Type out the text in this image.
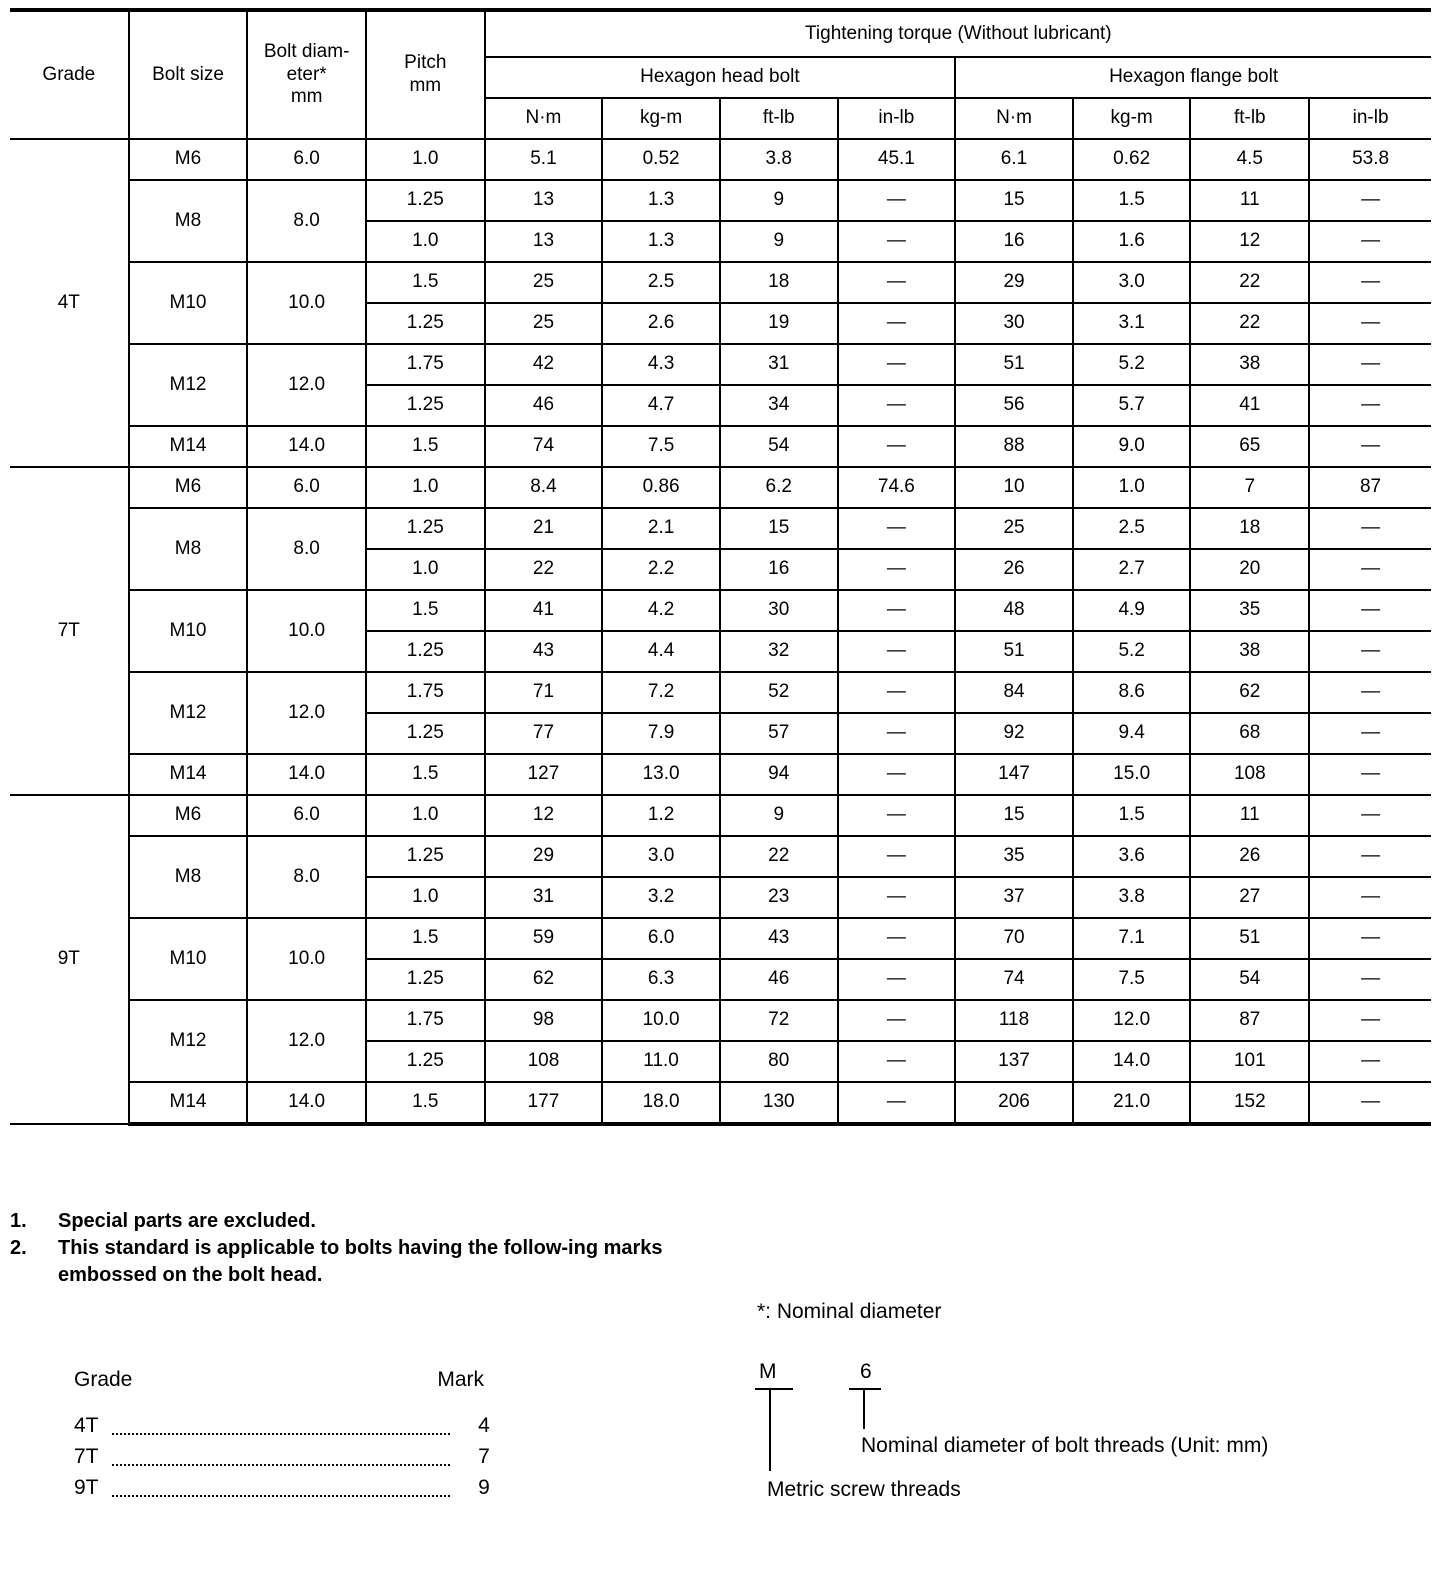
Grade	Bolt size	Bolt diam-
eter*
mm	Pitch
mm	Tightening torque (Without lubricant)							
				Hexagon head bolt				Hexagon flange bolt			
				N·m	kg-m	ft-lb	in-lb	N·m	kg-m	ft-lb	in-lb
4T	M6	6.0	1.0	5.1	0.52	3.8	45.1	6.1	0.62	4.5	53.8
	M8	8.0	1.25	13	1.3	9	—	15	1.5	11	—
			1.0	13	1.3	9	—	16	1.6	12	—
	M10	10.0	1.5	25	2.5	18	—	29	3.0	22	—
			1.25	25	2.6	19	—	30	3.1	22	—
	M12	12.0	1.75	42	4.3	31	—	51	5.2	38	—
			1.25	46	4.7	34	—	56	5.7	41	—
	M14	14.0	1.5	74	7.5	54	—	88	9.0	65	—
7T	M6	6.0	1.0	8.4	0.86	6.2	74.6	10	1.0	7	87
	M8	8.0	1.25	21	2.1	15	—	25	2.5	18	—
			1.0	22	2.2	16	—	26	2.7	20	—
	M10	10.0	1.5	41	4.2	30	—	48	4.9	35	—
			1.25	43	4.4	32	—	51	5.2	38	—
	M12	12.0	1.75	71	7.2	52	—	84	8.6	62	—
			1.25	77	7.9	57	—	92	9.4	68	—
	M14	14.0	1.5	127	13.0	94	—	147	15.0	108	—
9T	M6	6.0	1.0	12	1.2	9	—	15	1.5	11	—
	M8	8.0	1.25	29	3.0	22	—	35	3.6	26	—
			1.0	31	3.2	23	—	37	3.8	27	—
	M10	10.0	1.5	59	6.0	43	—	70	7.1	51	—
			1.25	62	6.3	46	—	74	7.5	54	—
	M12	12.0	1.75	98	10.0	72	—	118	12.0	87	—
			1.25	108	11.0	80	—	137	14.0	101	—
	M14	14.0	1.5	177	18.0	130	—	206	21.0	152	—
1.	Special parts are excluded.
2.	This standard is applicable to bolts having the follow-ing marks embossed on the bolt head.
Grade	Mark
4T	4
7T	7
9T	9
*: Nominal diameter
M	6
Nominal diameter of bolt threads (Unit: mm)
Metric screw threads
